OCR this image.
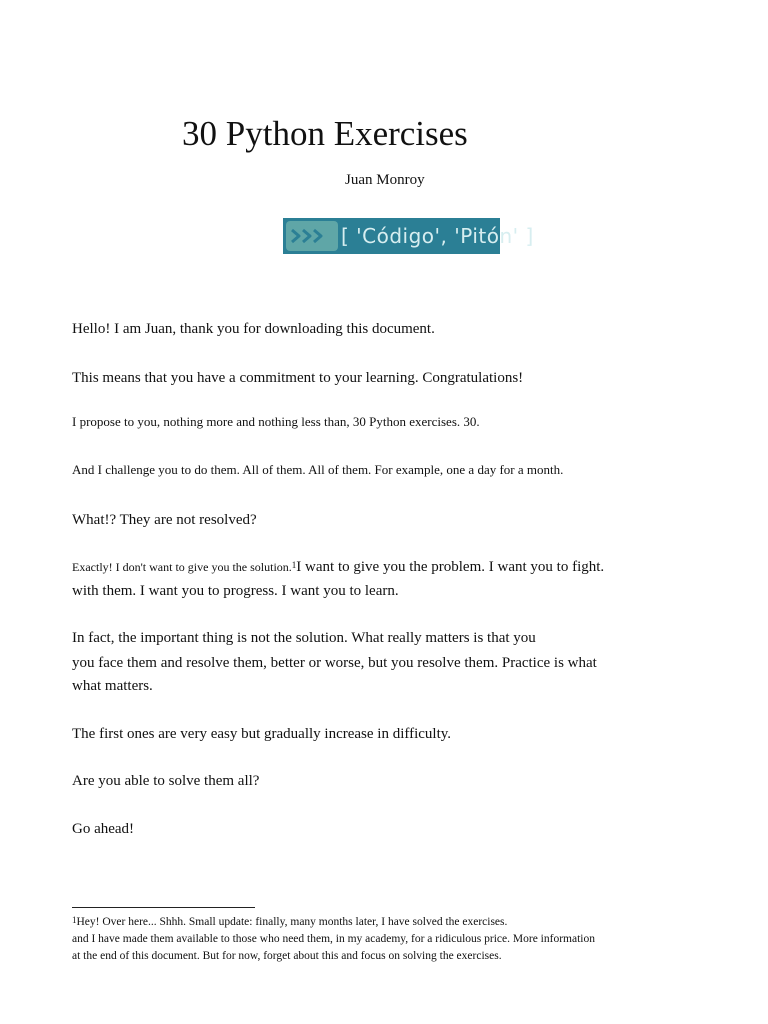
30 Python Exercises
Juan Monroy
[ 'Código', 'Pitón' ]
Hello! I am Juan, thank you for downloading this document.
This means that you have a commitment to your learning. Congratulations!
I propose to you, nothing more and nothing less than, 30 Python exercises. 30.
And I challenge you to do them. All of them. All of them. For example, one a day for a month.
What!? They are not resolved?
Exactly! I don't want to give you the solution.$^1$I want to give you the problem. I want you to fight.
with them. I want you to progress. I want you to learn.
In fact, the important thing is not the solution. What really matters is that you
you face them and resolve them, better or worse, but you resolve them. Practice is what
what matters.
The first ones are very easy but gradually increase in difficulty.
Are you able to solve them all?
Go ahead!
$^1$Hey! Over here... Shhh. Small update: finally, many months later, I have solved the exercises.
and I have made them available to those who need them, in my academy, for a ridiculous price. More information
at the end of this document. But for now, forget about this and focus on solving the exercises.
